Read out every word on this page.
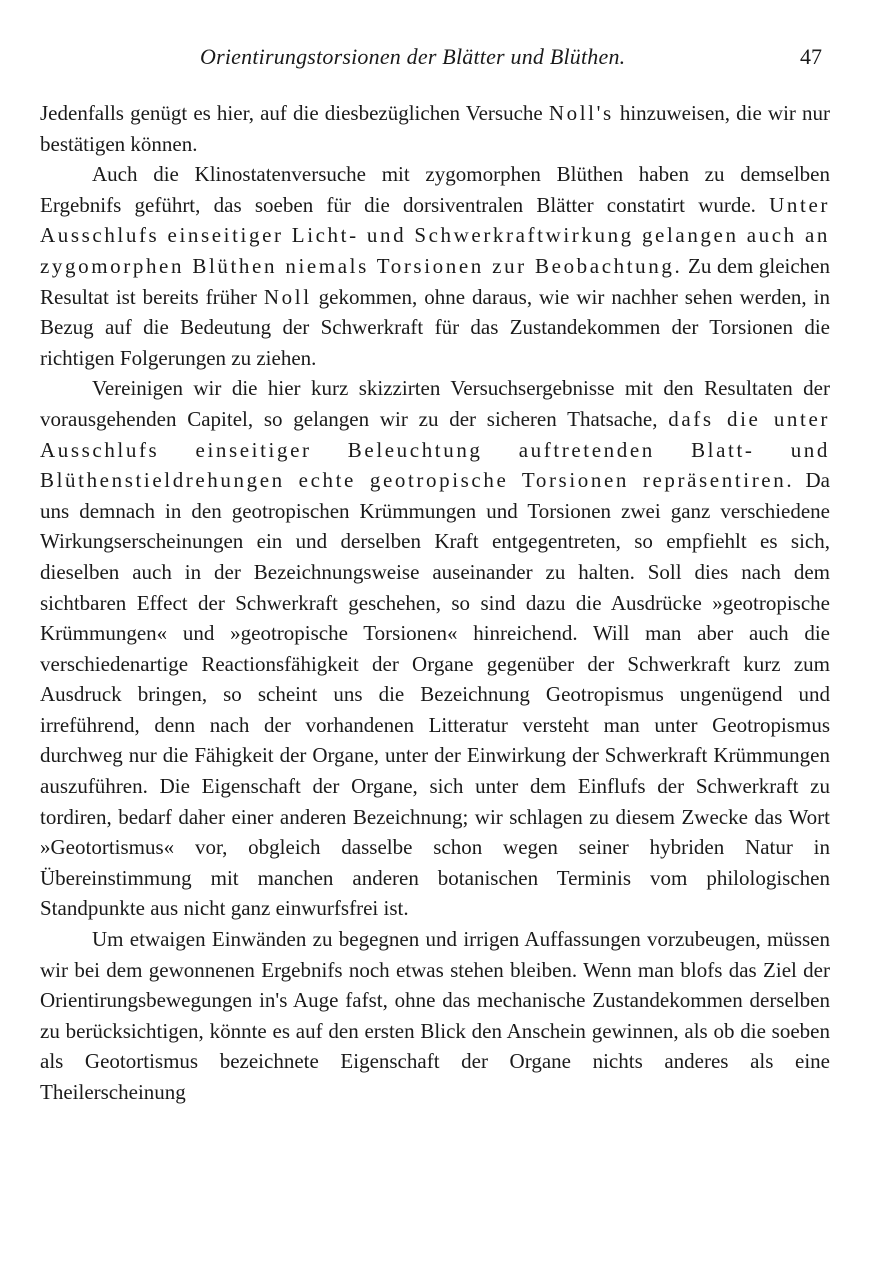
Orientirungstorsionen der Blätter und Blüthen.	47

Jedenfalls genügt es hier, auf die diesbezüglichen Versuche Noll's hinzuweisen, die wir nur bestätigen können.

Auch die Klinostatenversuche mit zygomorphen Blüthen haben zu demselben Ergebnifs geführt, das soeben für die dorsiventralen Blätter constatirt wurde. Unter Ausschlufs einseitiger Licht- und Schwerkraftwirkung gelangen auch an zygomorphen Blüthen niemals Torsionen zur Beobachtung. Zu dem gleichen Resultat ist bereits früher Noll gekommen, ohne daraus, wie wir nachher sehen werden, in Bezug auf die Bedeutung der Schwerkraft für das Zustandekommen der Torsionen die richtigen Folgerungen zu ziehen.

Vereinigen wir die hier kurz skizzirten Versuchsergebnisse mit den Resultaten der vorausgehenden Capitel, so gelangen wir zu der sicheren Thatsache, dafs die unter Ausschlufs einseitiger Beleuchtung auftretenden Blatt- und Blüthenstieldrehungen echte geotropische Torsionen repräsentiren. Da uns demnach in den geotropischen Krümmungen und Torsionen zwei ganz verschiedene Wirkungserscheinungen ein und derselben Kraft entgegentreten, so empfiehlt es sich, dieselben auch in der Bezeichnungsweise auseinander zu halten. Soll dies nach dem sichtbaren Effect der Schwerkraft geschehen, so sind dazu die Ausdrücke »geotropische Krümmungen« und »geotropische Torsionen« hinreichend. Will man aber auch die verschiedenartige Reactionsfähigkeit der Organe gegenüber der Schwerkraft kurz zum Ausdruck bringen, so scheint uns die Bezeichnung Geotropismus ungenügend und irreführend, denn nach der vorhandenen Litteratur versteht man unter Geotropismus durchweg nur die Fähigkeit der Organe, unter der Einwirkung der Schwerkraft Krümmungen auszuführen. Die Eigenschaft der Organe, sich unter dem Einflufs der Schwerkraft zu tordiren, bedarf daher einer anderen Bezeichnung; wir schlagen zu diesem Zwecke das Wort »Geotortismus« vor, obgleich dasselbe schon wegen seiner hybriden Natur in Übereinstimmung mit manchen anderen botanischen Terminis vom philologischen Standpunkte aus nicht ganz einwurfsfrei ist.

Um etwaigen Einwänden zu begegnen und irrigen Auffassungen vorzubeugen, müssen wir bei dem gewonnenen Ergebnifs noch etwas stehen bleiben. Wenn man blofs das Ziel der Orientirungsbewegungen in's Auge fafst, ohne das mechanische Zustandekommen derselben zu berücksichtigen, könnte es auf den ersten Blick den Anschein gewinnen, als ob die soeben als Geotortismus bezeichnete Eigenschaft der Organe nichts anderes als eine Theilerscheinung
